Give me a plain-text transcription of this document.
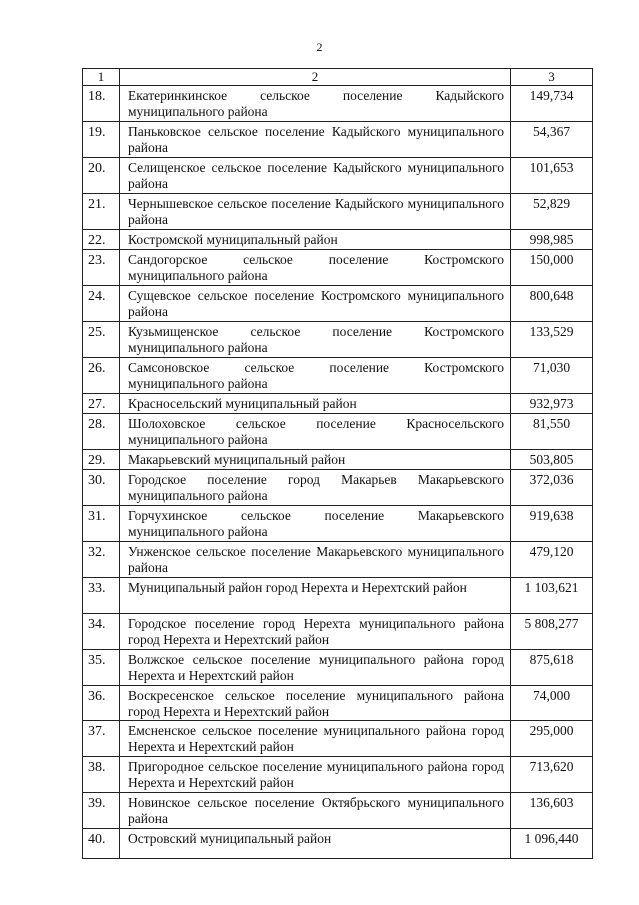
2
1	2	3
18.	Екатеринкинское сельское поселение Кадыйского муниципального района	149,734
19.	Паньковское сельское поселение Кадыйского муниципального района	54,367
20.	Селищенское сельское поселение Кадыйского муниципального района	101,653
21.	Чернышевское сельское поселение Кадыйского муниципального района	52,829
22.	Костромской муниципальный район	998,985
23.	Сандогорское сельское поселение Костромского муниципального района	150,000
24.	Сущевское сельское поселение Костромского муниципального района	800,648
25.	Кузьмищенское сельское поселение Костромского муниципального района	133,529
26.	Самсоновское сельское поселение Костромского муниципального района	71,030
27.	Красносельский муниципальный район	932,973
28.	Шолоховское сельское поселение Красносельского муниципального района	81,550
29.	Макарьевский муниципальный район	503,805
30.	Городское поселение город Макарьев Макарьевского муниципального района	372,036
31.	Горчухинское сельское поселение Макарьевского муниципального района	919,638
32.	Унженское сельское поселение Макарьевского муниципального района	479,120
33.	Муниципальный район город Нерехта и Нерехтский район	1 103,621
34.	Городское поселение город Нерехта муниципального района город Нерехта и Нерехтский район	5 808,277
35.	Волжское сельское поселение муниципального района город Нерехта и Нерехтский район	875,618
36.	Воскресенское сельское поселение муниципального района город Нерехта и Нерехтский район	74,000
37.	Емсненское сельское поселение муниципального района город Нерехта и Нерехтский район	295,000
38.	Пригородное сельское поселение муниципального района город Нерехта и Нерехтский район	713,620
39.	Новинское сельское поселение Октябрьского муниципального района	136,603
40.	Островский муниципальный район	1 096,440
